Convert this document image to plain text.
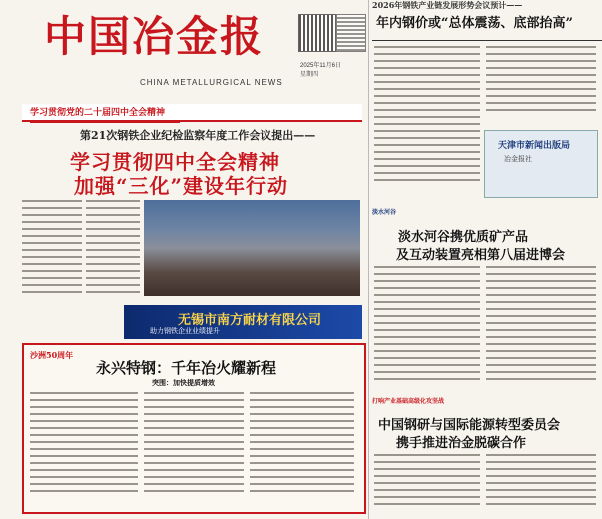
中国冶金报
CHINA METALLURGICAL NEWS
2025年11月6日
星期四
学习贯彻党的二十届四中全会精神
第21次钢铁企业纪检监察年度工作会议提出——
学习贯彻四中全会精神
加强“三化”建设年行动
无锡市南方耐材有限公司
助力钢铁企业业绩提升
沙洲50周年
永兴特钢：千年冶火耀新程
突围：加快提质增效
2026年钢铁产业链发展形势会议预计——
年内钢价或“总体震荡、底部抬高”
天津市新闻出版局
冶金报社
淡水河谷
淡水河谷携优质矿产品
及互动装置亮相第八届进博会
打响产业基础高级化攻坚战
中国钢研与国际能源转型委员会
携手推进治金脱碳合作
